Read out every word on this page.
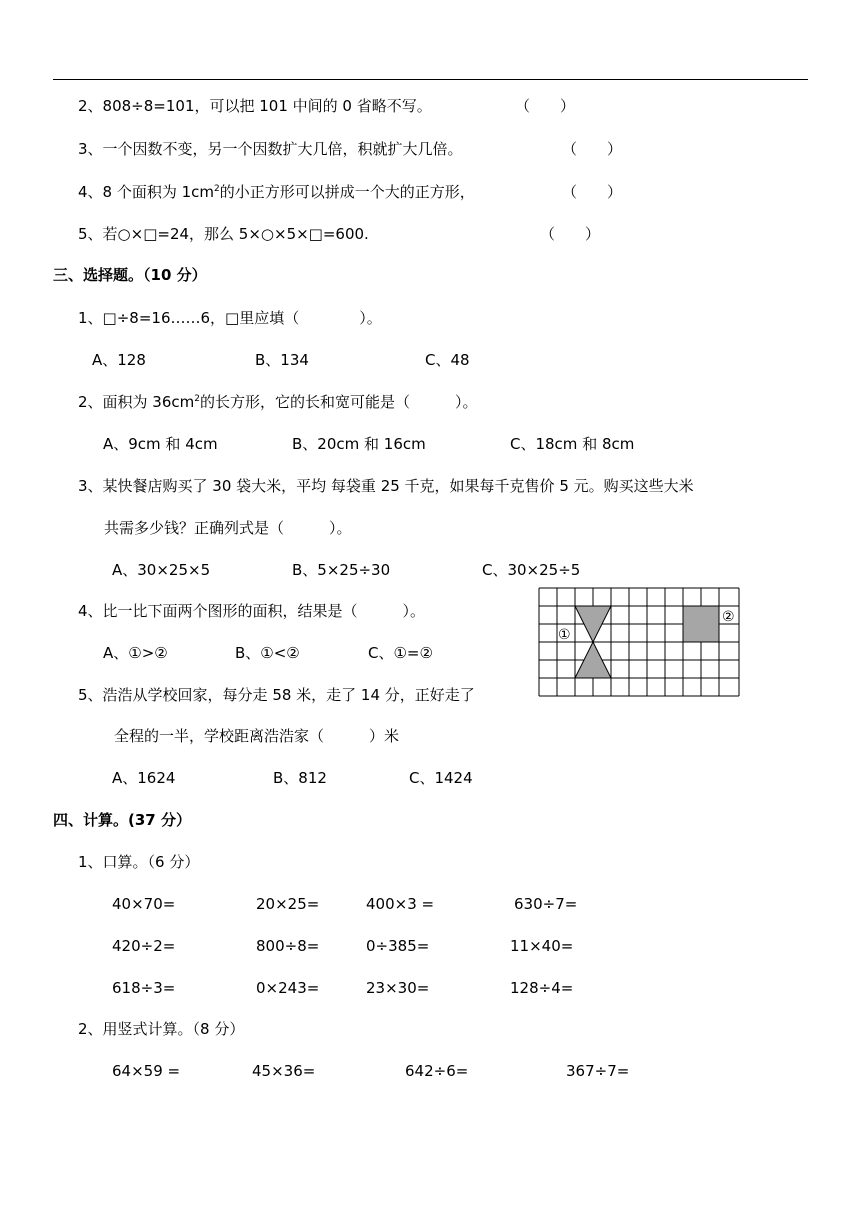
2、808÷8=101，可以把 101 中间的 0 省略不写。	（　　）
3、一个因数不变，另一个因数扩大几倍，积就扩大几倍。	（　　）
4、8 个面积为 $1cm^2$的小正方形可以拼成一个大的正方形，	（　　）
5、若○×□=24，那么 5×○×5×□=600.	（　　）
三、选择题。（10 分）
1、□÷8=16……6，□里应填（　　　　）。
A、128	B、134	C、48
2、面积为 $36cm^2$的长方形，它的长和宽可能是（　　　）。
A、9cm 和 4cm	B、20cm 和 16cm	C、18cm 和 8cm
3、某快餐店购买了 30 袋大米，平均 每袋重 25 千克，如果每千克售价 5 元。购买这些大米
共需多少钱？正确列式是（　　　）。
A、30×25×5	B、5×25÷30	C、30×25÷5
4、比一比下面两个图形的面积，结果是（　　　）。
A、①>②	B、①<②	C、①=②
①
②
5、浩浩从学校回家，每分走 58 米，走了 14 分，正好走了
全程的一半，学校距离浩浩家（　　　）米
A、1624	B、812	C、1424
四、计算。(37 分）
1、口算。（6 分）
40×70=	20×25=	400×3 =	630÷7=
420÷2=	800÷8=	0÷385=	11×40=
618÷3=	0×243=	23×30=	128÷4=
2、用竖式计算。（8 分）
64×59 =	45×36=	642÷6=	367÷7=
